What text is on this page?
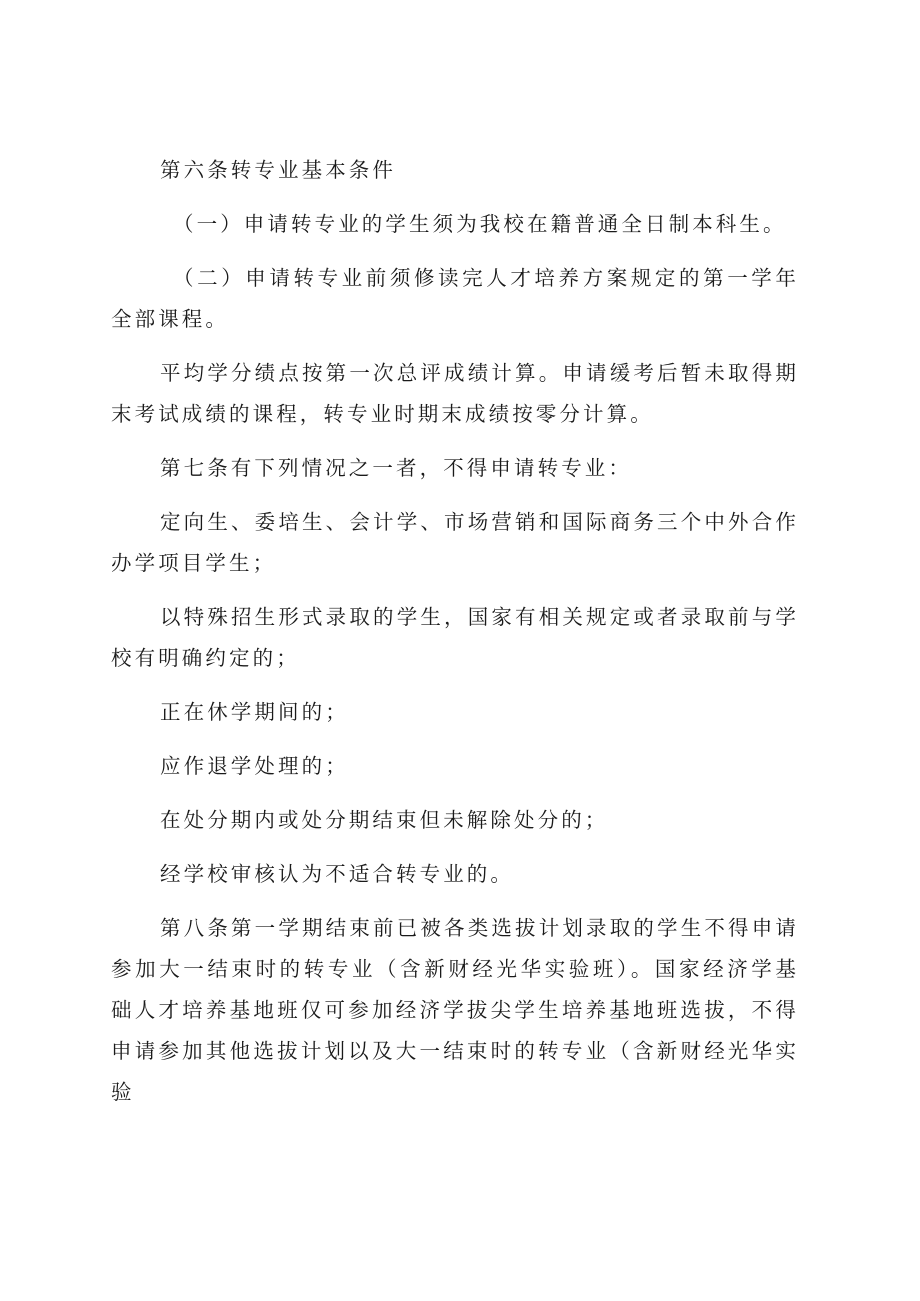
第六条转专业基本条件

（一）申请转专业的学生须为我校在籍普通全日制本科生。

（二）申请转专业前须修读完人才培养方案规定的第一学年全部课程。

平均学分绩点按第一次总评成绩计算。申请缓考后暂未取得期末考试成绩的课程，转专业时期末成绩按零分计算。

第七条有下列情况之一者，不得申请转专业：

定向生、委培生、会计学、市场营销和国际商务三个中外合作办学项目学生；

以特殊招生形式录取的学生，国家有相关规定或者录取前与学校有明确约定的；

正在休学期间的；

应作退学处理的；

在处分期内或处分期结束但未解除处分的；

经学校审核认为不适合转专业的。

第八条第一学期结束前已被各类选拔计划录取的学生不得申请参加大一结束时的转专业（含新财经光华实验班）。国家经济学基础人才培养基地班仅可参加经济学拔尖学生培养基地班选拔，不得申请参加其他选拔计划以及大一结束时的转专业（含新财经光华实验
